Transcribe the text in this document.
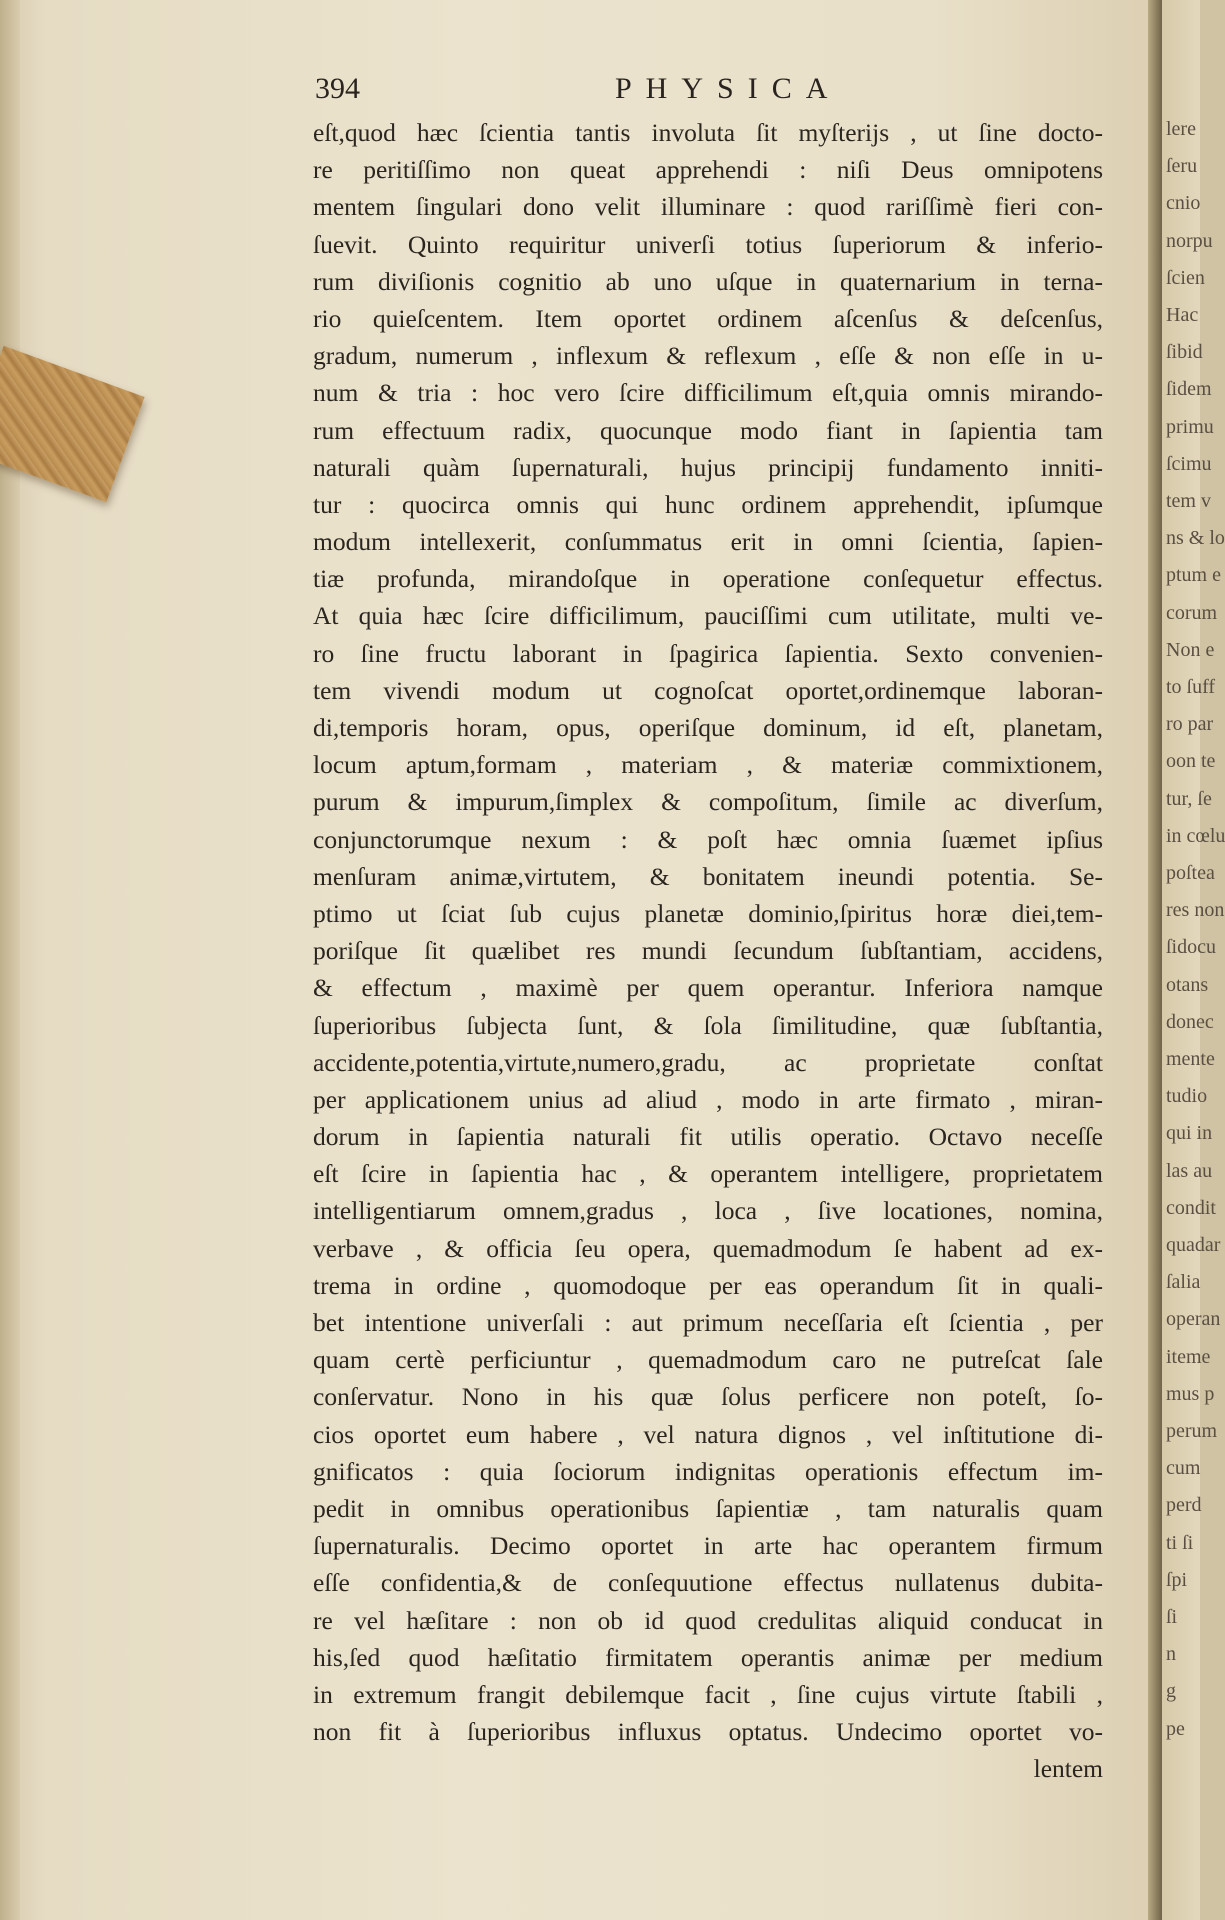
394	PHYSICA
eſt,quod hæc ſcientia tantis involuta ſit myſterijs , ut ſine docto-
re peritiſſimo non queat apprehendi : niſi Deus omnipotens
mentem ſingulari dono velit illuminare : quod rariſſimè fieri con-
ſuevit. Quinto requiritur univerſi totius ſuperiorum & inferio-
rum diviſionis cognitio ab uno uſque in quaternarium in terna-
rio quieſcentem. Item oportet ordinem aſcenſus & deſcenſus,
gradum, numerum , inflexum & reflexum , eſſe & non eſſe in u-
num & tria : hoc vero ſcire difficilimum eſt,quia omnis mirando-
rum effectuum radix, quocunque modo fiant in ſapientia tam
naturali quàm ſupernaturali, hujus principij fundamento inniti-
tur : quocirca omnis qui hunc ordinem apprehendit, ipſumque
modum intellexerit, conſummatus erit in omni ſcientia, ſapien-
tiæ profunda, mirandoſque in operatione conſequetur effectus.
At quia hæc ſcire difficilimum, pauciſſimi cum utilitate, multi ve-
ro ſine fructu laborant in ſpagirica ſapientia. Sexto convenien-
tem vivendi modum ut cognoſcat oportet,ordinemque laboran-
di,temporis horam, opus, operiſque dominum, id eſt, planetam,
locum aptum,formam , materiam , & materiæ commixtionem,
purum & impurum,ſimplex & compoſitum, ſimile ac diverſum,
conjunctorumque nexum : & poſt hæc omnia ſuæmet ipſius
menſuram animæ,virtutem, & bonitatem ineundi potentia. Se-
ptimo ut ſciat ſub cujus planetæ dominio,ſpiritus horæ diei,tem-
poriſque ſit quælibet res mundi ſecundum ſubſtantiam, accidens,
& effectum , maximè per quem operantur. Inferiora namque
ſuperioribus ſubjecta ſunt, & ſola ſimilitudine, quæ ſubſtantia,
accidente,potentia,virtute,numero,gradu, ac proprietate conſtat
per applicationem unius ad aliud , modo in arte firmato , miran-
dorum in ſapientia naturali fit utilis operatio. Octavo neceſſe
eſt ſcire in ſapientia hac , & operantem intelligere, proprietatem
intelligentiarum omnem,gradus , loca , ſive locationes, nomina,
verbave , & officia ſeu opera, quemadmodum ſe habent ad ex-
trema in ordine , quomodoque per eas operandum ſit in quali-
bet intentione univerſali : aut primum neceſſaria eſt ſcientia , per
quam certè perficiuntur , quemadmodum caro ne putreſcat ſale
conſervatur. Nono in his quæ ſolus perficere non poteſt, ſo-
cios oportet eum habere , vel natura dignos , vel inſtitutione di-
gnificatos : quia ſociorum indignitas operationis effectum im-
pedit in omnibus operationibus ſapientiæ , tam naturalis quam
ſupernaturalis. Decimo oportet in arte hac operantem firmum
eſſe confidentia,& de conſequutione effectus nullatenus dubita-
re vel hæſitare : non ob id quod credulitas aliquid conducat in
his,ſed quod hæſitatio firmitatem operantis animæ per medium
in extremum frangit debilemque facit , ſine cujus virtute ſtabili ,
non fit à ſuperioribus influxus optatus. Undecimo oportet vo-
lentem
lere
ſeru
cnio
norpu
ſcien
Hac
ſibid
ſidem
primu
ſcimu
tem v
ns & lo
ptum e
corum
Non e
to ſuff
ro par
oon te
tur, ſe
in cœlu
poſtea
res non
ſidocu
otans
donec
mente
tudio
qui in
las au
condit
quadar
ſalia
operan
iteme
mus p
perum
cum
perd
ti ſi
ſpi
ſi
n
g
pe
